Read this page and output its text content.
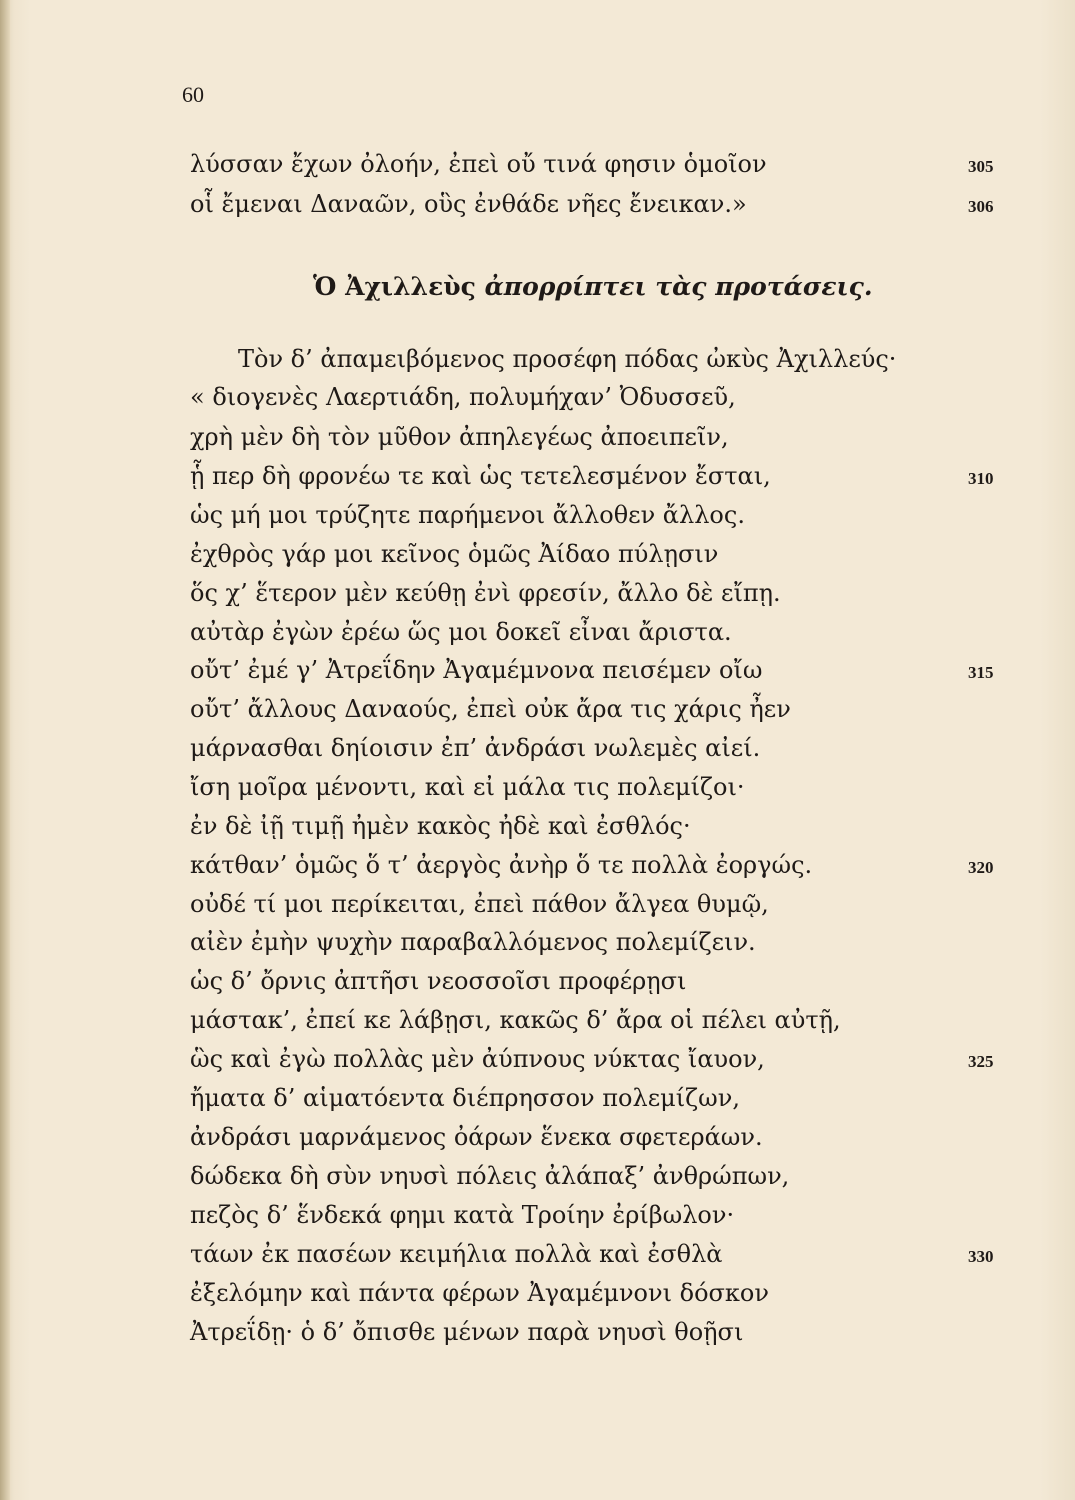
60
λύσσαν ἔχων ὀλοήν, ἐπεὶ οὔ τινά φησιν ὁμοῖον	305
οἷ ἔμεναι Δαναῶν, οὓς ἐνθάδε νῆες ἔνεικαν.»	306
Ὁ Ἀχιλλεὺς ἀπορρίπτει τὰς προτάσεις.
Τὸν δ’ ἀπαμειβόμενος προσέφη πόδας ὠκὺς Ἀχιλλεύς·
« διογενὲς Λαερτιάδη, πολυμήχαν’ Ὀδυσσεῦ,
χρὴ μὲν δὴ τὸν μῦθον ἀπηλεγέως ἀποειπεῖν,
ᾗ περ δὴ φρονέω τε καὶ ὡς τετελεσμένον ἔσται,	310
ὡς μή μοι τρύζητε παρήμενοι ἄλλοθεν ἄλλος.
ἐχθρὸς γάρ μοι κεῖνος ὁμῶς Ἀίδαο πύλῃσιν
ὅς χ’ ἕτερον μὲν κεύθῃ ἐνὶ φρεσίν, ἄλλο δὲ εἴπῃ.
αὐτὰρ ἐγὼν ἐρέω ὥς μοι δοκεῖ εἶναι ἄριστα.
οὔτ’ ἐμέ γ’ Ἀτρεΐδην Ἀγαμέμνονα πεισέμεν οἴω	315
οὔτ’ ἄλλους Δαναούς, ἐπεὶ οὐκ ἄρα τις χάρις ἦεν
μάρνασθαι δηίοισιν ἐπ’ ἀνδράσι νωλεμὲς αἰεί.
ἴση μοῖρα μένοντι, καὶ εἰ μάλα τις πολεμίζοι·
ἐν δὲ ἰῇ τιμῇ ἠμὲν κακὸς ἠδὲ καὶ ἐσθλός·
κάτθαν’ ὁμῶς ὅ τ’ ἀεργὸς ἀνὴρ ὅ τε πολλὰ ἐοργώς.	320
οὐδέ τί μοι περίκειται, ἐπεὶ πάθον ἄλγεα θυμῷ,
αἰὲν ἐμὴν ψυχὴν παραβαλλόμενος πολεμίζειν.
ὡς δ’ ὄρνις ἀπτῆσι νεοσσοῖσι προφέρῃσι
μάστακ’, ἐπεί κε λάβῃσι, κακῶς δ’ ἄρα οἱ πέλει αὐτῇ,
ὣς καὶ ἐγὼ πολλὰς μὲν ἀύπνους νύκτας ἴαυον,	325
ἤματα δ’ αἱματόεντα διέπρησσον πολεμίζων,
ἀνδράσι μαρνάμενος ὀάρων ἕνεκα σφετεράων.
δώδεκα δὴ σὺν νηυσὶ πόλεις ἀλάπαξ’ ἀνθρώπων,
πεζὸς δ’ ἕνδεκά φημι κατὰ Τροίην ἐρίβωλον·
τάων ἐκ πασέων κειμήλια πολλὰ καὶ ἐσθλὰ	330
ἐξελόμην καὶ πάντα φέρων Ἀγαμέμνονι δόσκον
Ἀτρεΐδῃ· ὁ δ’ ὄπισθε μένων παρὰ νηυσὶ θοῇσι
